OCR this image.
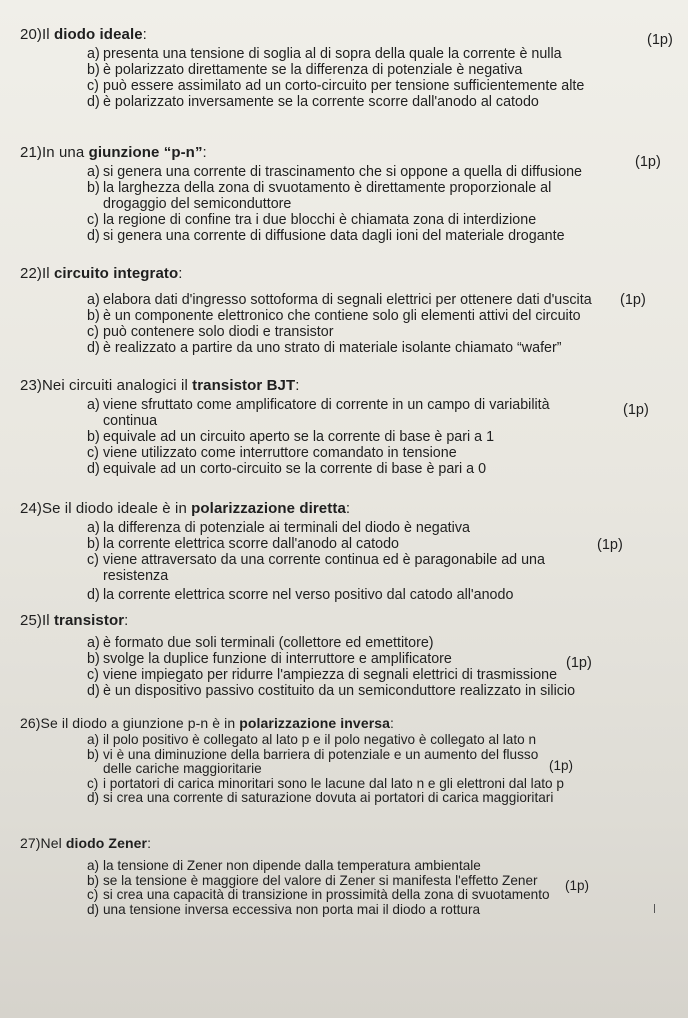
20)Il diodo ideale:	(1p)
a) presenta una tensione di soglia al di sopra della quale la corrente è nulla
b) è polarizzato direttamente se la differenza di potenziale è negativa
c) può essere assimilato ad un corto-circuito per tensione sufficientemente alte
d) è polarizzato inversamente se la corrente scorre dall'anodo al catodo
21)In una giunzione “p-n”:
(1p)
a) si genera una corrente di trascinamento che si oppone a quella di diffusione
b) la larghezza della zona di svuotamento è direttamente proporzionale al
drogaggio del semiconduttore
c) la regione di confine tra i due blocchi è chiamata zona di interdizione
d) si genera una corrente di diffusione data dagli ioni del materiale drogante
22)Il circuito integrato:
(1p)
a) elabora dati d'ingresso sottoforma di segnali elettrici per ottenere dati d'uscita
b) è un componente elettronico che contiene solo gli elementi attivi del circuito
c) può contenere solo diodi e transistor
d) è realizzato a partire da uno strato di materiale isolante chiamato “wafer”
23)Nei circuiti analogici il transistor BJT:
(1p)
a) viene sfruttato come amplificatore di corrente in un campo di variabilità
continua
b) equivale ad un circuito aperto se la corrente di base è pari a 1
c) viene utilizzato come interruttore comandato in tensione
d) equivale ad un corto-circuito se la corrente di base è pari a 0
24)Se il diodo ideale è in polarizzazione diretta:
(1p)
a) la differenza di potenziale ai terminali del diodo è negativa
b) la corrente elettrica scorre dall'anodo al catodo
c) viene attraversato da una corrente continua ed è paragonabile ad una
resistenza
d) la corrente elettrica scorre nel verso positivo dal catodo all'anodo
25)Il transistor:
(1p)
a) è formato due soli terminali (collettore ed emettitore)
b) svolge la duplice funzione di interruttore e amplificatore
c) viene impiegato per ridurre l'ampiezza di segnali elettrici di trasmissione
d) è un dispositivo passivo costituito da un semiconduttore realizzato in silicio
26)Se il diodo a giunzione p-n è in polarizzazione inversa:
(1p)
a) il polo positivo è collegato al lato p e il polo negativo è collegato al lato n
b) vi è una diminuzione della barriera di potenziale e un aumento del flusso
delle cariche maggioritarie
c) i portatori di carica minoritari sono le lacune dal lato n e gli elettroni dal lato p
d) si crea una corrente di saturazione dovuta ai portatori di carica maggioritari
27)Nel diodo Zener:
(1p)
a) la tensione di Zener non dipende dalla temperatura ambientale
b) se la tensione è maggiore del valore di Zener si manifesta l'effetto Zener
c) si crea una capacità di transizione in prossimità della zona di svuotamento
d) una tensione inversa eccessiva non porta mai il diodo a rottura
